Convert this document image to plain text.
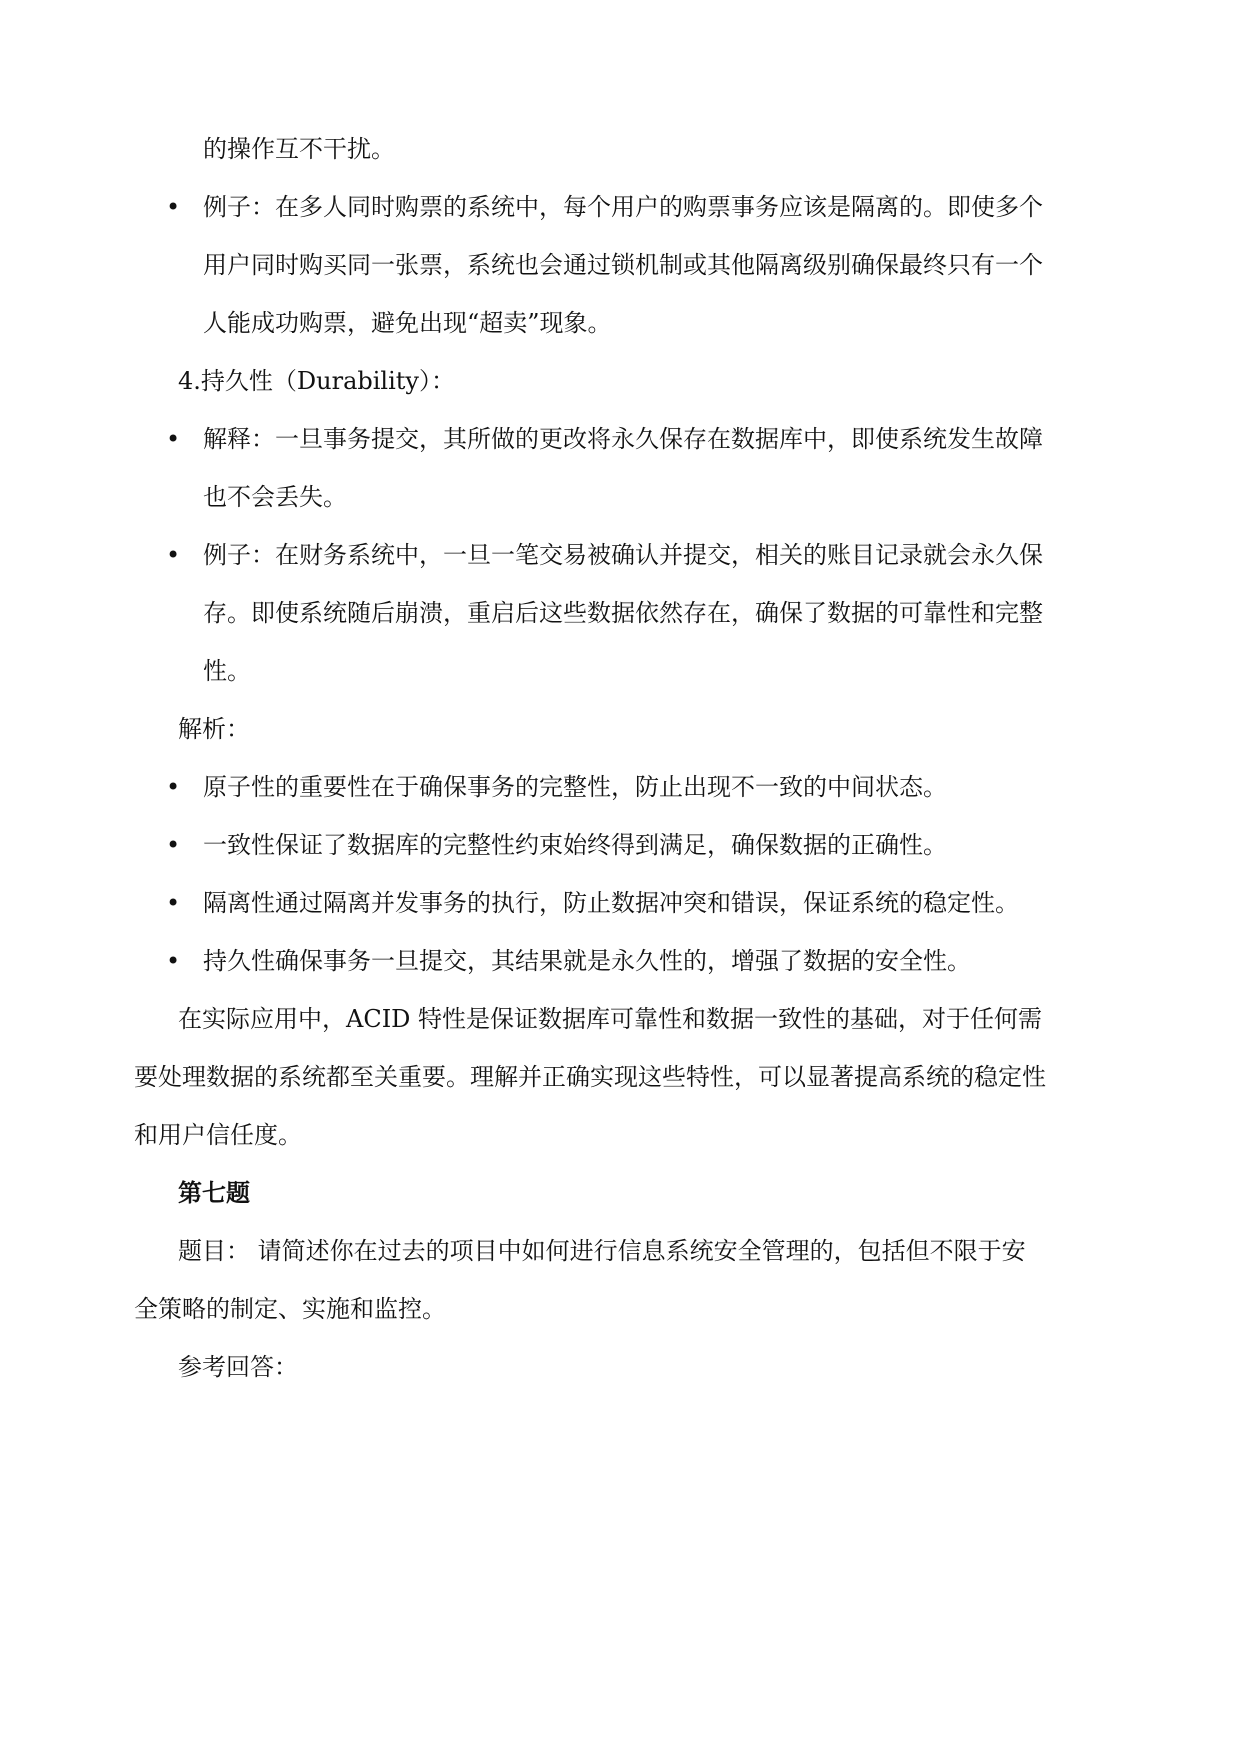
的操作互不干扰。
• 例子：在多人同时购票的系统中，每个用户的购票事务应该是隔离的。即使多个
用户同时购买同一张票，系统也会通过锁机制或其他隔离级别确保最终只有一个
人能成功购票，避免出现“超卖”现象。
4.持久性（Durability）：
• 解释：一旦事务提交，其所做的更改将永久保存在数据库中，即使系统发生故障
也不会丢失。
• 例子：在财务系统中，一旦一笔交易被确认并提交，相关的账目记录就会永久保
存。即使系统随后崩溃，重启后这些数据依然存在，确保了数据的可靠性和完整
性。
解析：
• 原子性的重要性在于确保事务的完整性，防止出现不一致的中间状态。
• 一致性保证了数据库的完整性约束始终得到满足，确保数据的正确性。
• 隔离性通过隔离并发事务的执行，防止数据冲突和错误，保证系统的稳定性。
• 持久性确保事务一旦提交，其结果就是永久性的，增强了数据的安全性。
在实际应用中，ACID 特性是保证数据库可靠性和数据一致性的基础，对于任何需
要处理数据的系统都至关重要。理解并正确实现这些特性，可以显著提高系统的稳定性
和用户信任度。
第七题
题目： 请简述你在过去的项目中如何进行信息系统安全管理的，包括但不限于安
全策略的制定、实施和监控。
参考回答：
